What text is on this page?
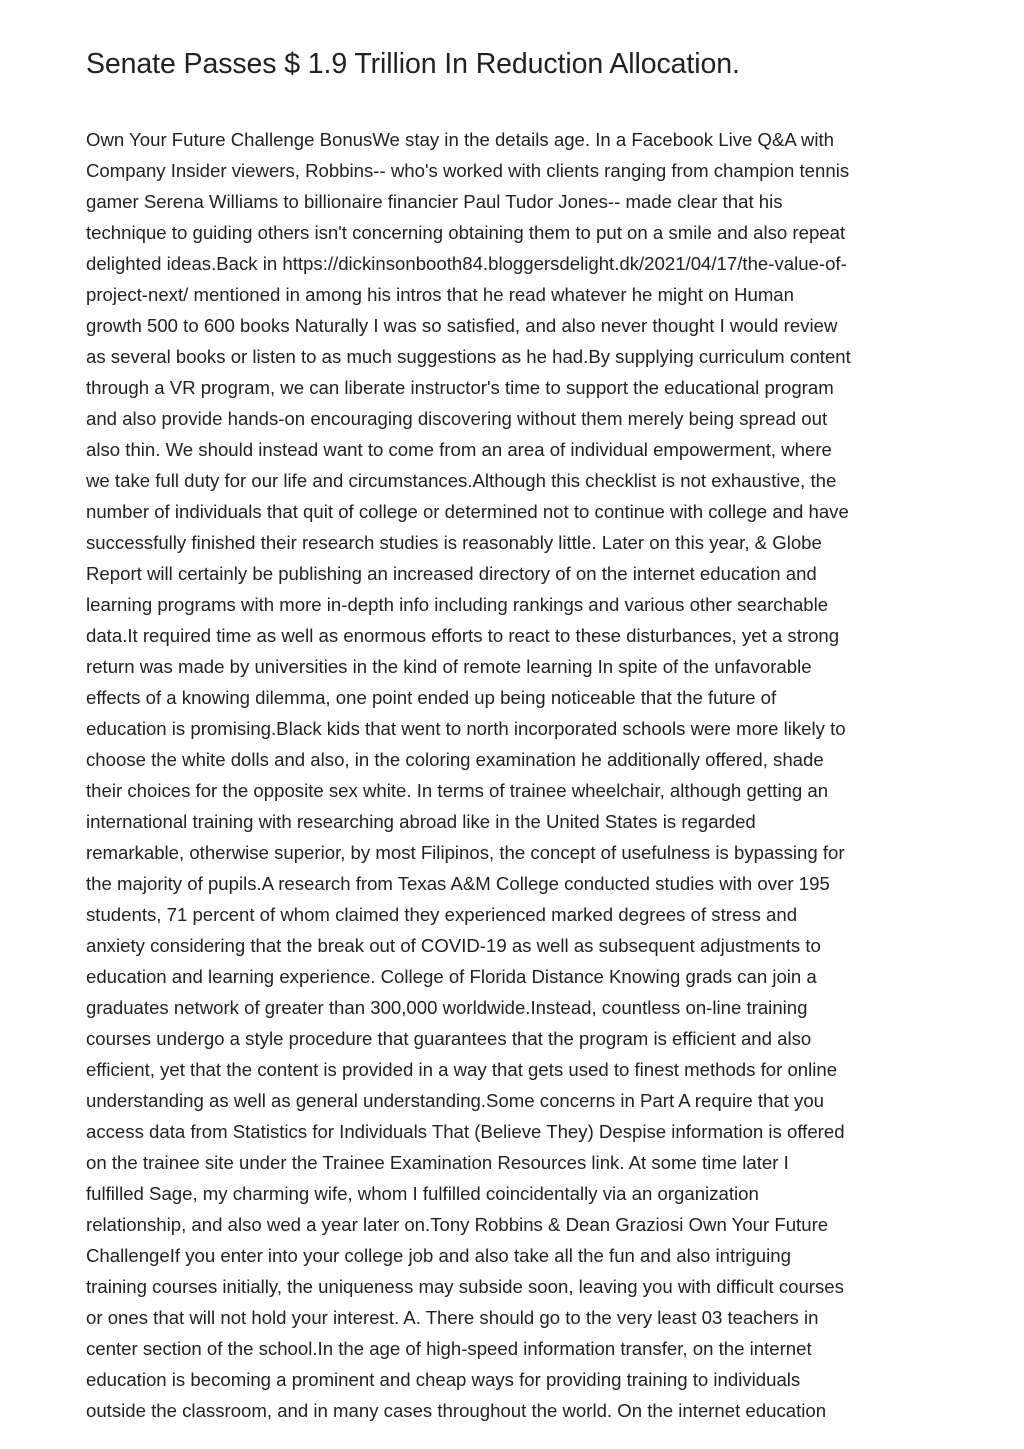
Senate Passes $ 1.9 Trillion In Reduction Allocation.
Own Your Future Challenge BonusWe stay in the details age. In a Facebook Live Q&A with
Company Insider viewers, Robbins-- who's worked with clients ranging from champion tennis
gamer Serena Williams to billionaire financier Paul Tudor Jones-- made clear that his
technique to guiding others isn't concerning obtaining them to put on a smile and also repeat
delighted ideas.Back in https://dickinsonbooth84.bloggersdelight.dk/2021/04/17/the-value-of-
project-next/ mentioned in among his intros that he read whatever he might on Human
growth 500 to 600 books Naturally I was so satisfied, and also never thought I would review
as several books or listen to as much suggestions as he had.By supplying curriculum content
through a VR program, we can liberate instructor's time to support the educational program
and also provide hands-on encouraging discovering without them merely being spread out
also thin. We should instead want to come from an area of individual empowerment, where
we take full duty for our life and circumstances.Although this checklist is not exhaustive, the
number of individuals that quit of college or determined not to continue with college and have
successfully finished their research studies is reasonably little. Later on this year, & Globe
Report will certainly be publishing an increased directory of on the internet education and
learning programs with more in-depth info including rankings and various other searchable
data.It required time as well as enormous efforts to react to these disturbances, yet a strong
return was made by universities in the kind of remote learning In spite of the unfavorable
effects of a knowing dilemma, one point ended up being noticeable that the future of
education is promising.Black kids that went to north incorporated schools were more likely to
choose the white dolls and also, in the coloring examination he additionally offered, shade
their choices for the opposite sex white. In terms of trainee wheelchair, although getting an
international training with researching abroad like in the United States is regarded
remarkable, otherwise superior, by most Filipinos, the concept of usefulness is bypassing for
the majority of pupils.A research from Texas A&M College conducted studies with over 195
students, 71 percent of whom claimed they experienced marked degrees of stress and
anxiety considering that the break out of COVID-19 as well as subsequent adjustments to
education and learning experience. College of Florida Distance Knowing grads can join a
graduates network of greater than 300,000 worldwide.Instead, countless on-line training
courses undergo a style procedure that guarantees that the program is efficient and also
efficient, yet that the content is provided in a way that gets used to finest methods for online
understanding as well as general understanding.Some concerns in Part A require that you
access data from Statistics for Individuals That (Believe They) Despise information is offered
on the trainee site under the Trainee Examination Resources link. At some time later I
fulfilled Sage, my charming wife, whom I fulfilled coincidentally via an organization
relationship, and also wed a year later on.Tony Robbins & Dean Graziosi Own Your Future
ChallengeIf you enter into your college job and also take all the fun and also intriguing
training courses initially, the uniqueness may subside soon, leaving you with difficult courses
or ones that will not hold your interest. A. There should go to the very least 03 teachers in
center section of the school.In the age of high-speed information transfer, on the internet
education is becoming a prominent and cheap ways for providing training to individuals
outside the classroom, and in many cases throughout the world. On the internet education
